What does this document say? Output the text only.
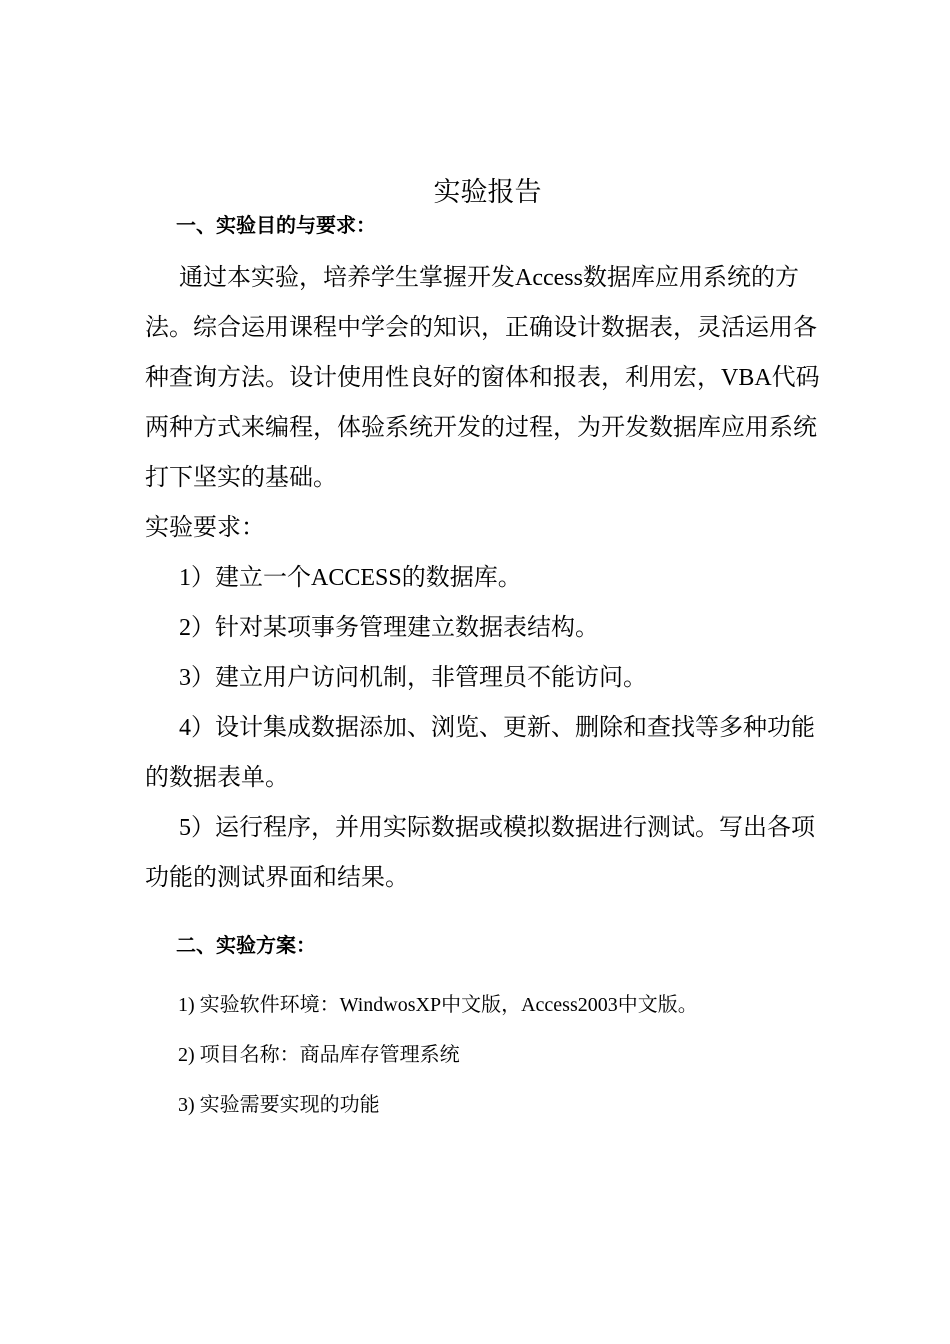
实验报告
一、实验目的与要求：

通过本实验，培养学生掌握开发Access数据库应用系统的方法。综合运用课程中学会的知识，正确设计数据表，灵活运用各种查询方法。设计使用性良好的窗体和报表，利用宏，VBA代码两种方式来编程，体验系统开发的过程，为开发数据库应用系统打下坚实的基础。

实验要求：

1）建立一个ACCESS的数据库。
2）针对某项事务管理建立数据表结构。
3）建立用户访问机制，非管理员不能访问。
4）设计集成数据添加、浏览、更新、删除和查找等多种功能的数据表单。
5）运行程序，并用实际数据或模拟数据进行测试。写出各项功能的测试界面和结果。
二、实验方案：
1) 实验软件环境：WindwosXP中文版，Access2003中文版。
2) 项目名称：商品库存管理系统
3) 实验需要实现的功能
